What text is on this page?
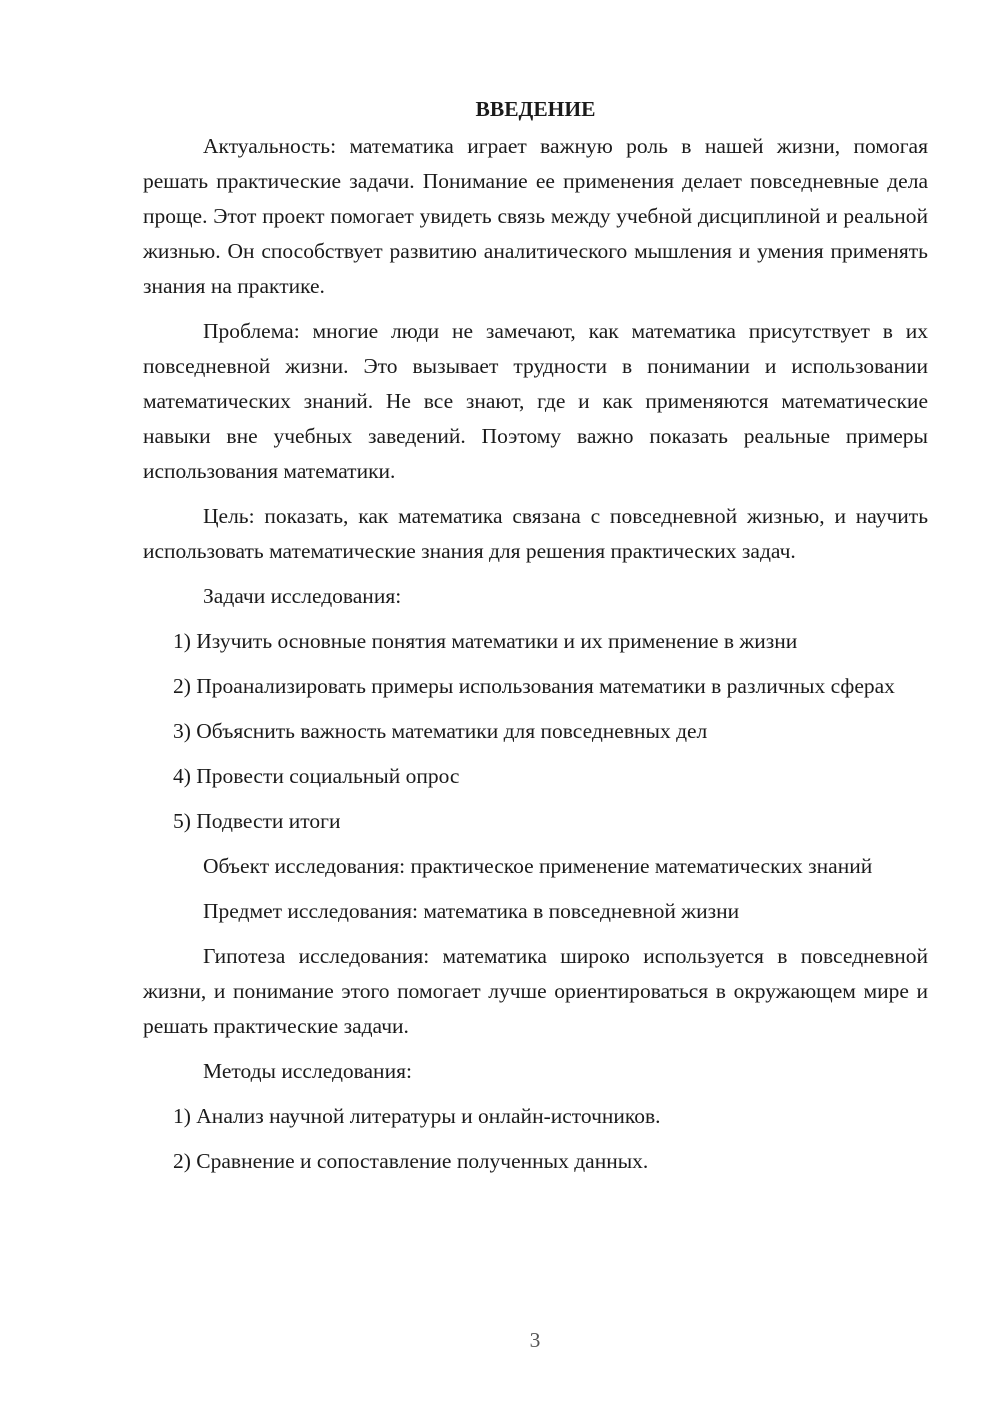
ВВЕДЕНИЕ

Актуальность: математика играет важную роль в нашей жизни, помогая решать практические задачи. Понимание ее применения делает повседневные дела проще. Этот проект помогает увидеть связь между учебной дисциплиной и реальной жизнью. Он способствует развитию аналитического мышления и умения применять знания на практике.

Проблема: многие люди не замечают, как математика присутствует в их повседневной жизни. Это вызывает трудности в понимании и использовании математических знаний. Не все знают, где и как применяются математические навыки вне учебных заведений. Поэтому важно показать реальные примеры использования математики.

Цель: показать, как математика связана с повседневной жизнью, и научить использовать математические знания для решения практических задач.

Задачи исследования:

1) Изучить основные понятия математики и их применение в жизни

2) Проанализировать примеры использования математики в различных сферах

3) Объяснить важность математики для повседневных дел

4) Провести социальный опрос

5) Подвести итоги

Объект исследования: практическое применение математических знаний

Предмет исследования: математика в повседневной жизни

Гипотеза исследования: математика широко используется в повседневной жизни, и понимание этого помогает лучше ориентироваться в окружающем мире и решать практические задачи.

Методы исследования:

1) Анализ научной литературы и онлайн-источников.

2) Сравнение и сопоставление полученных данных.

3
